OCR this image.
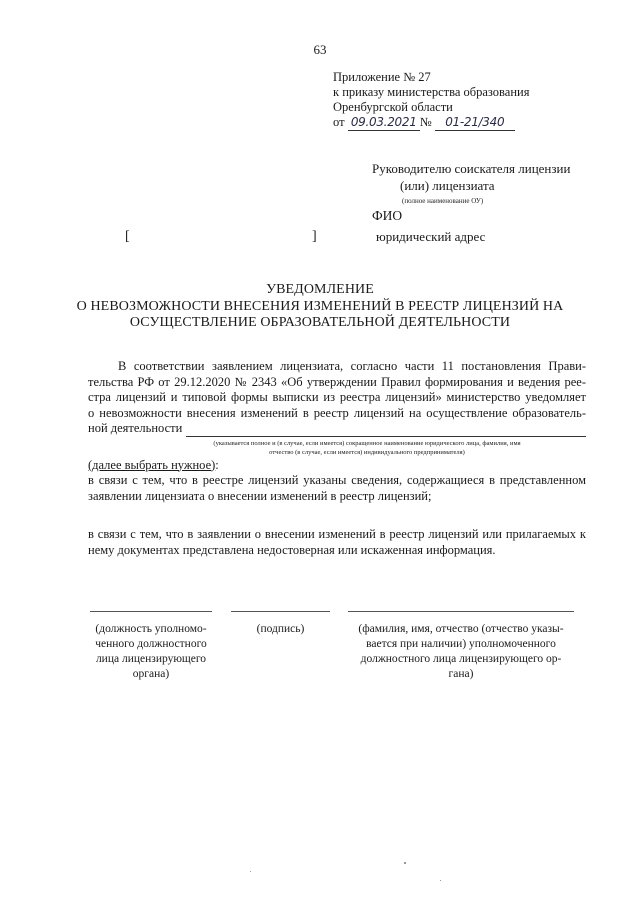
63
Приложение № 27
к приказу министерства образования
Оренбургской области
от 09.03.2021 № 01-21/340
Руководителю соискателя лицензии
(или) лицензиата
(полное наименование ОУ)
ФИО
юридический адрес
[	]
УВЕДОМЛЕНИЕ
О НЕВОЗМОЖНОСТИ ВНЕСЕНИЯ ИЗМЕНЕНИЙ В РЕЕСТР ЛИЦЕНЗИЙ НА
ОСУЩЕСТВЛЕНИЕ ОБРАЗОВАТЕЛЬНОЙ ДЕЯТЕЛЬНОСТИ
В соответствии заявлением лицензиата, согласно части 11 постановления Прави-
тельства РФ от 29.12.2020 № 2343 «Об утверждении Правил формирования и ведения рее-
стра лицензий и типовой формы выписки из реестра лицензий» министерство уведомляет
о невозможности внесения изменений в реестр лицензий на осуществление образователь-
ной деятельности
(указывается полное и (в случае, если имеется) сокращенное наименование юридического лица, фамилия, имя
отчество (в случае, если имеется) индивидуального предпринимателя)
(далее выбрать нужное):
в связи с тем, что в реестре лицензий указаны сведения, содержащиеся в представленном
заявлении лицензиата о внесении изменений в реестр лицензий;
в связи с тем, что в заявлении о внесении изменений в реестр лицензий или прилагаемых к
нему документах представлена недостоверная или искаженная информация.
(должность уполномо-
ченного должностного
лица лицензирующего
органа)
(подпись)	(фамилия, имя, отчество (отчество указы-
вается при наличии) уполномоченного
должностного лица лицензирующего ор-
гана)
